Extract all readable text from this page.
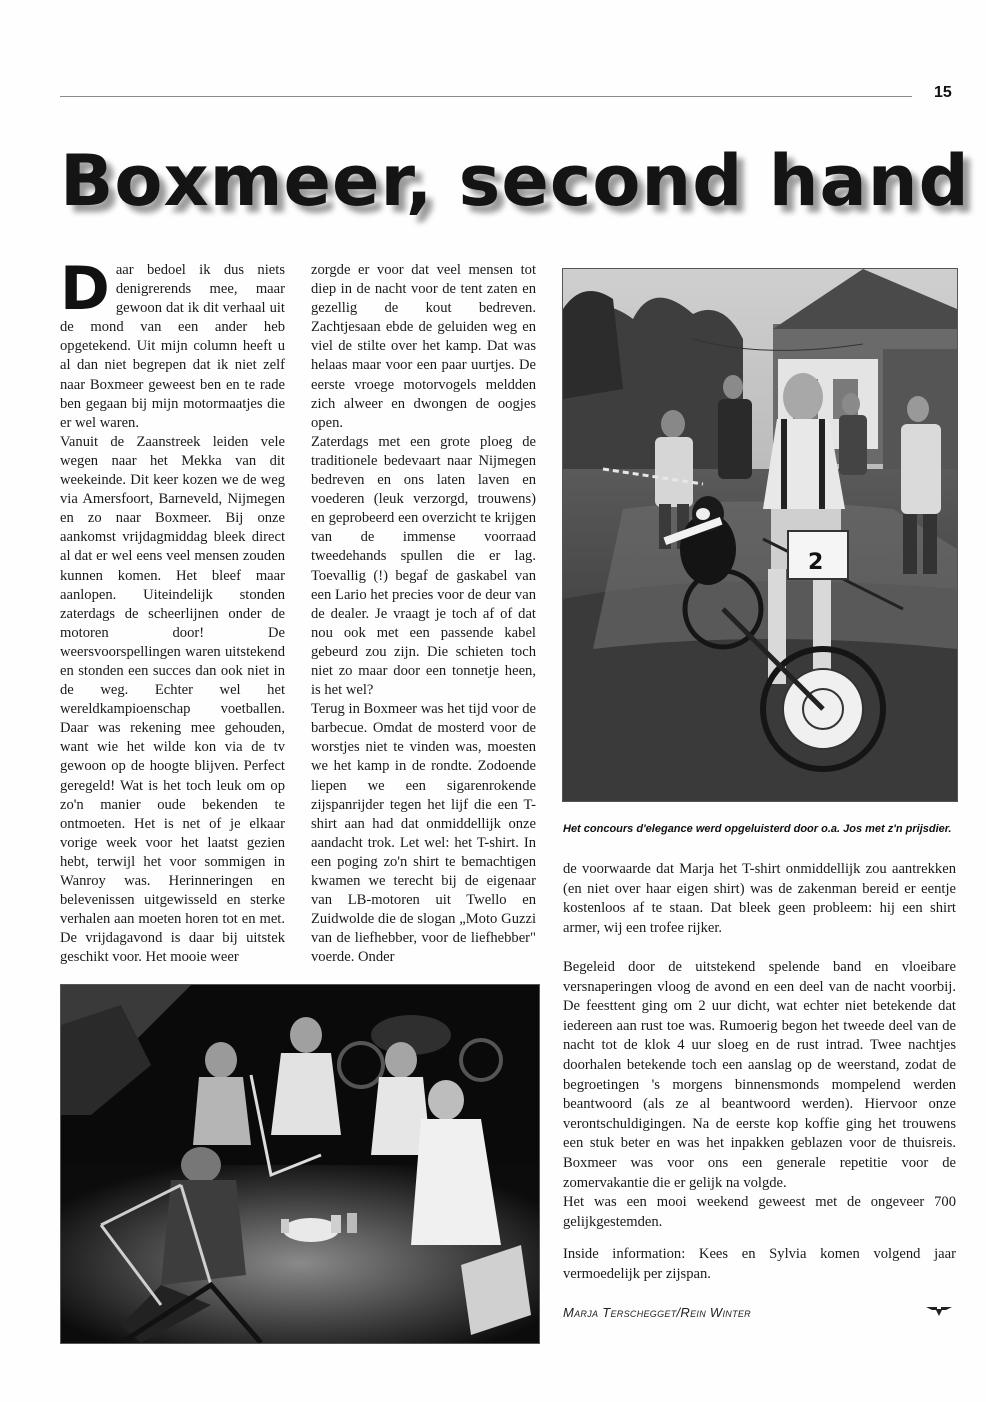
15
Boxmeer, second hand
D aar bedoel ik dus niets denigrerends mee, maar gewoon dat ik dit verhaal uit de mond van een ander heb opgetekend. Uit mijn column heeft u al dan niet begrepen dat ik niet zelf naar Boxmeer geweest ben en te rade ben gegaan bij mijn motormaatjes die er wel waren.

Vanuit de Zaanstreek leiden vele wegen naar het Mekka van dit weekeinde. Dit keer kozen we de weg via Amersfoort, Barneveld, Nijmegen en zo naar Boxmeer. Bij onze aankomst vrijdagmiddag bleek direct al dat er wel eens veel mensen zouden kunnen komen. Het bleef maar aanlopen. Uiteindelijk stonden zaterdags de scheerlijnen onder de motoren door! De weersvoorspellingen waren uitstekend en stonden een succes dan ook niet in de weg. Echter wel het wereldkampioenschap voetballen. Daar was rekening mee gehouden, want wie het wilde kon via de tv gewoon op de hoogte blijven. Perfect geregeld! Wat is het toch leuk om op zo'n manier oude bekenden te ontmoeten. Het is net of je elkaar vorige week voor het laatst gezien hebt, terwijl het voor sommigen in Wanroy was. Herinneringen en belevenissen uitgewisseld en sterke verhalen aan moeten horen tot en met. De vrijdagavond is daar bij uitstek geschikt voor. Het mooie weer

zorgde er voor dat veel mensen tot diep in de nacht voor de tent zaten en gezellig de kout bedreven. Zachtjesaan ebde de geluiden weg en viel de stilte over het kamp. Dat was helaas maar voor een paar uurtjes. De eerste vroege motorvogels meldden zich alweer en dwongen de oogjes open.

Zaterdags met een grote ploeg de traditionele bedevaart naar Nijmegen bedreven en ons laten laven en voederen (leuk verzorgd, trouwens) en geprobeerd een overzicht te krijgen van de immense voorraad tweedehands spullen die er lag. Toevallig (!) begaf de gaskabel van een Lario het precies voor de deur van de dealer. Je vraagt je toch af of dat nou ook met een passende kabel gebeurd zou zijn. Die schieten toch niet zo maar door een tonnetje heen, is het wel?

Terug in Boxmeer was het tijd voor de barbecue. Omdat de mosterd voor de worstjes niet te vinden was, moesten we het kamp in de rondte. Zodoende liepen we een sigarenrokende zijspanrijder tegen het lijf die een T-shirt aan had dat onmiddellijk onze aandacht trok. Let wel: het T-shirt. In een poging zo'n shirt te bemachtigen kwamen we terecht bij de eigenaar van LB-motoren uit Twello en Zuidwolde die de slogan „Moto Guzzi van de liefhebber, voor de liefhebber" voerde. Onder

2
Het concours d'elegance werd opgeluisterd door o.a. Jos met z'n prijsdier.

de voorwaarde dat Marja het T-shirt onmiddellijk zou aantrekken (en niet over haar eigen shirt) was de zakenman bereid er eentje kostenloos af te staan. Dat bleek geen probleem: hij een shirt armer, wij een trofee rijker.

Begeleid door de uitstekend spelende band en vloeibare versnaperingen vloog de avond en een deel van de nacht voorbij. De feesttent ging om 2 uur dicht, wat echter niet betekende dat iedereen aan rust toe was. Rumoerig begon het tweede deel van de nacht tot de klok 4 uur sloeg en de rust intrad. Twee nachtjes doorhalen betekende toch een aanslag op de weerstand, zodat de begroetingen 's morgens binnensmonds mompelend werden beantwoord (als ze al beantwoord werden). Hiervoor onze verontschuldigingen. Na de eerste kop koffie ging het trouwens een stuk beter en was het inpakken geblazen voor de thuisreis. Boxmeer was voor ons een generale repetitie voor de zomervakantie die er gelijk na volgde.

Het was een mooi weekend geweest met de ongeveer 700 gelijkgestemden.

Inside information: Kees en Sylvia komen volgend jaar vermoedelijk per zijspan.

Marja Terschegget/Rein Winter
